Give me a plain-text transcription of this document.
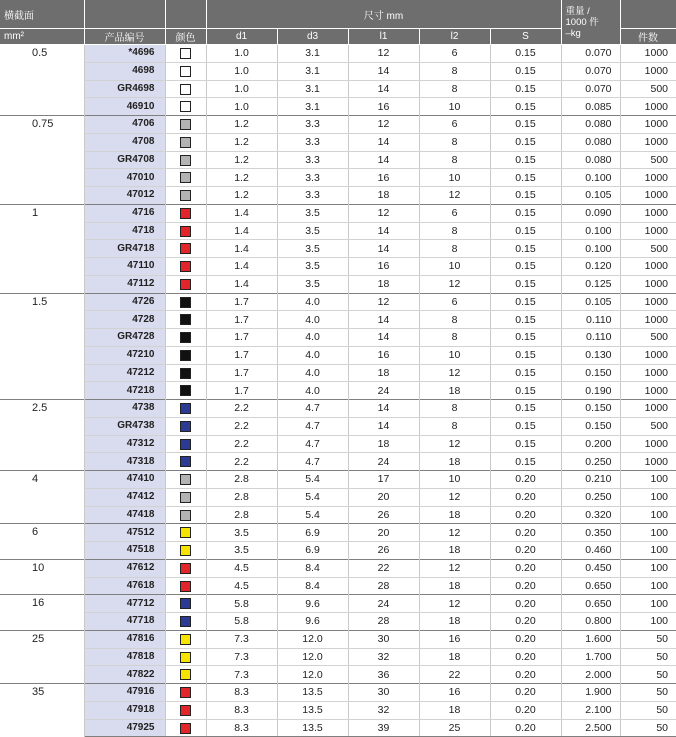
横截面			尺寸 mm					重量 /
1000 件
–kg	
mm²	产品编号	颜色	d1	d3	l1	l2	S		件数
0.5	*4696		1.0	3.1	12	6	0.15	0.070	1000
	4698		1.0	3.1	14	8	0.15	0.070	1000
	GR4698		1.0	3.1	14	8	0.15	0.070	500
	46910		1.0	3.1	16	10	0.15	0.085	1000
0.75	4706		1.2	3.3	12	6	0.15	0.080	1000
	4708		1.2	3.3	14	8	0.15	0.080	1000
	GR4708		1.2	3.3	14	8	0.15	0.080	500
	47010		1.2	3.3	16	10	0.15	0.100	1000
	47012		1.2	3.3	18	12	0.15	0.105	1000
1	4716		1.4	3.5	12	6	0.15	0.090	1000
	4718		1.4	3.5	14	8	0.15	0.100	1000
	GR4718		1.4	3.5	14	8	0.15	0.100	500
	47110		1.4	3.5	16	10	0.15	0.120	1000
	47112		1.4	3.5	18	12	0.15	0.125	1000
1.5	4726		1.7	4.0	12	6	0.15	0.105	1000
	4728		1.7	4.0	14	8	0.15	0.110	1000
	GR4728		1.7	4.0	14	8	0.15	0.110	500
	47210		1.7	4.0	16	10	0.15	0.130	1000
	47212		1.7	4.0	18	12	0.15	0.150	1000
	47218		1.7	4.0	24	18	0.15	0.190	1000
2.5	4738		2.2	4.7	14	8	0.15	0.150	1000
	GR4738		2.2	4.7	14	8	0.15	0.150	500
	47312		2.2	4.7	18	12	0.15	0.200	1000
	47318		2.2	4.7	24	18	0.15	0.250	1000
4	47410		2.8	5.4	17	10	0.20	0.210	100
	47412		2.8	5.4	20	12	0.20	0.250	100
	47418		2.8	5.4	26	18	0.20	0.320	100
6	47512		3.5	6.9	20	12	0.20	0.350	100
	47518		3.5	6.9	26	18	0.20	0.460	100
10	47612		4.5	8.4	22	12	0.20	0.450	100
	47618		4.5	8.4	28	18	0.20	0.650	100
16	47712		5.8	9.6	24	12	0.20	0.650	100
	47718		5.8	9.6	28	18	0.20	0.800	100
25	47816		7.3	12.0	30	16	0.20	1.600	50
	47818		7.3	12.0	32	18	0.20	1.700	50
	47822		7.3	12.0	36	22	0.20	2.000	50
35	47916		8.3	13.5	30	16	0.20	1.900	50
	47918		8.3	13.5	32	18	0.20	2.100	50
	47925		8.3	13.5	39	25	0.20	2.500	50
